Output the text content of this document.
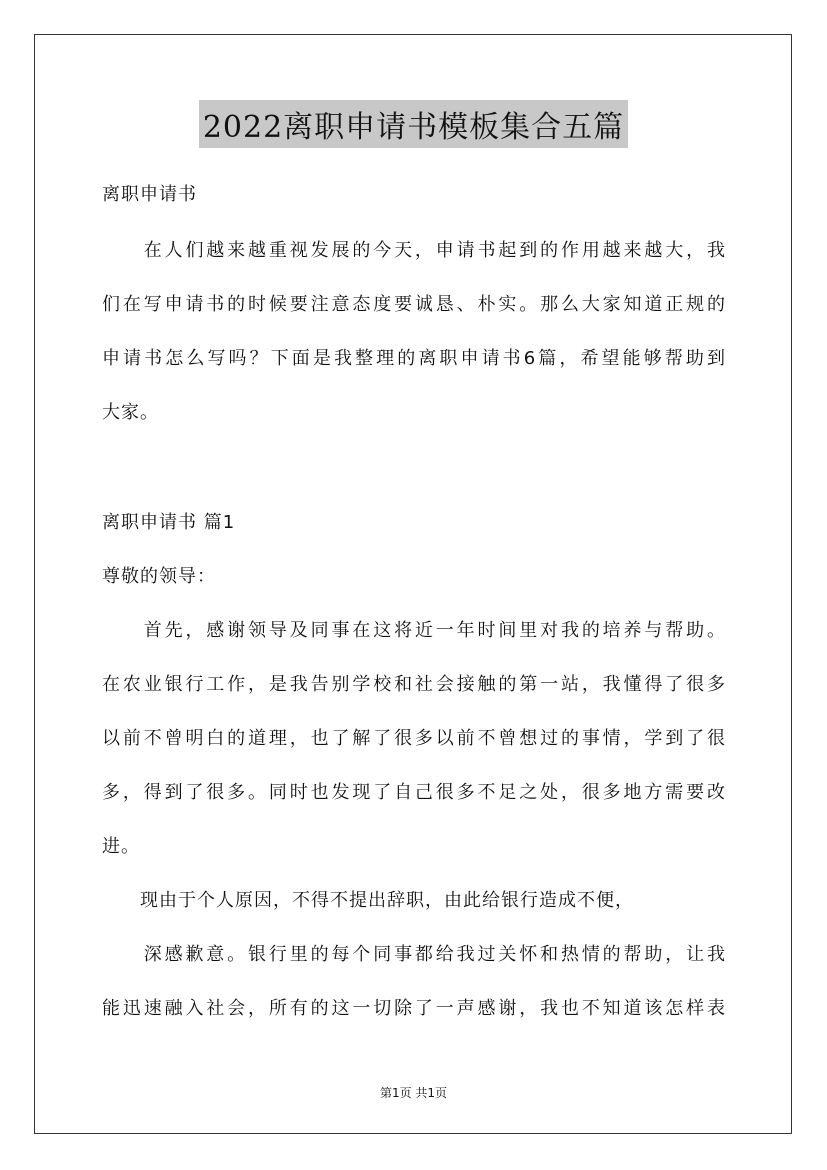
2022离职申请书模板集合五篇
离职申请书
　　在人们越来越重视发展的今天，申请书起到的作用越来越大，我
们在写申请书的时候要注意态度要诚恳、朴实。那么大家知道正规的
申请书怎么写吗？下面是我整理的离职申请书6篇，希望能够帮助到
大家。
离职申请书 篇1
尊敬的领导：
　　首先，感谢领导及同事在这将近一年时间里对我的培养与帮助。
在农业银行工作，是我告别学校和社会接触的第一站，我懂得了很多
以前不曾明白的道理，也了解了很多以前不曾想过的事情，学到了很
多，得到了很多。同时也发现了自己很多不足之处，很多地方需要改
进。
　　现由于个人原因，不得不提出辞职，由此给银行造成不便，
　　深感歉意。银行里的每个同事都给我过关怀和热情的帮助，让我
能迅速融入社会，所有的这一切除了一声感谢，我也不知道该怎样表
第1页 共1页
